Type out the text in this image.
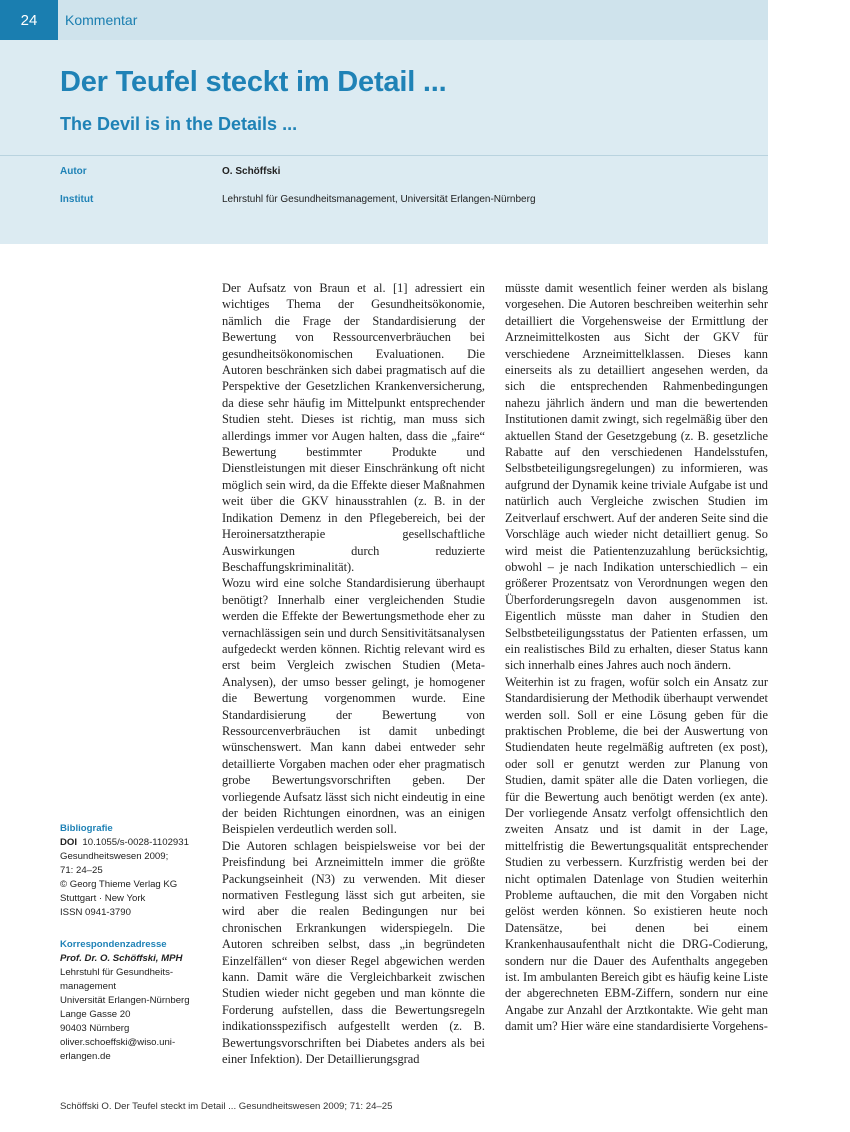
24	Kommentar
Der Teufel steckt im Detail ...
The Devil is in the Details ...
Autor	O. Schöffski
Institut	Lehrstuhl für Gesundheitsmanagement, Universität Erlangen-Nürnberg

Der Aufsatz von Braun et al. [1] adressiert ein wichtiges Thema der Gesundheitsökonomie, nämlich die Frage der Standardisierung der Bewertung von Ressourcenverbräuchen bei gesundheitsökonomischen Evaluationen. Die Autoren beschränken sich dabei pragmatisch auf die Perspektive der Gesetzlichen Krankenversicherung, da diese sehr häufig im Mittelpunkt entsprechender Studien steht. Dieses ist richtig, man muss sich allerdings immer vor Augen halten, dass die „faire“ Bewertung bestimmter Produkte und Dienstleistungen mit dieser Einschränkung oft nicht möglich sein wird, da die Effekte dieser Maßnahmen weit über die GKV hinausstrahlen (z. B. in der Indikation Demenz in den Pflegebereich, bei der Heroinersatztherapie gesellschaftliche Auswirkungen durch reduzierte Beschaffungskriminalität).

Wozu wird eine solche Standardisierung überhaupt benötigt? Innerhalb einer vergleichenden Studie werden die Effekte der Bewertungsmethode eher zu vernachlässigen sein und durch Sensitivitätsanalysen aufgedeckt werden können. Richtig relevant wird es erst beim Vergleich zwischen Studien (Meta-Analysen), der umso besser gelingt, je homogener die Bewertung vorgenommen wurde. Eine Standardisierung der Bewertung von Ressourcenverbräuchen ist damit unbedingt wünschenswert. Man kann dabei entweder sehr detaillierte Vorgaben machen oder eher pragmatisch grobe Bewertungsvorschriften geben. Der vorliegende Aufsatz lässt sich nicht eindeutig in eine der beiden Richtungen einordnen, was an einigen Beispielen verdeutlich werden soll.

Die Autoren schlagen beispielsweise vor bei der Preisfindung bei Arzneimitteln immer die größte Packungseinheit (N3) zu verwenden. Mit dieser normativen Festlegung lässt sich gut arbeiten, sie wird aber die realen Bedingungen nur bei chronischen Erkrankungen widerspiegeln. Die Autoren schreiben selbst, dass „in begründeten Einzelfällen“ von dieser Regel abgewichen werden kann. Damit wäre die Vergleichbarkeit zwischen Studien wieder nicht gegeben und man könnte die Forderung aufstellen, dass die Bewertungsregeln indikationsspezifisch aufgestellt werden (z. B. Bewertungsvorschriften bei Diabetes anders als bei einer Infektion). Der Detaillierungsgrad

müsste damit wesentlich feiner werden als bislang vorgesehen. Die Autoren beschreiben weiterhin sehr detailliert die Vorgehensweise der Ermittlung der Arzneimittelkosten aus Sicht der GKV für verschiedene Arzneimittelklassen. Dieses kann einerseits als zu detailliert angesehen werden, da sich die entsprechenden Rahmenbedingungen nahezu jährlich ändern und man die bewertenden Institutionen damit zwingt, sich regelmäßig über den aktuellen Stand der Gesetzgebung (z. B. gesetzliche Rabatte auf den verschiedenen Handelsstufen, Selbstbeteiligungsregelungen) zu informieren, was aufgrund der Dynamik keine triviale Aufgabe ist und natürlich auch Vergleiche zwischen Studien im Zeitverlauf erschwert. Auf der anderen Seite sind die Vorschläge auch wieder nicht detailliert genug. So wird meist die Patientenzuzahlung berücksichtig, obwohl – je nach Indikation unterschiedlich – ein größerer Prozentsatz von Verordnungen wegen den Überforderungsregeln davon ausgenommen ist. Eigentlich müsste man daher in Studien den Selbstbeteiligungsstatus der Patienten erfassen, um ein realistisches Bild zu erhalten, dieser Status kann sich innerhalb eines Jahres auch noch ändern.

Weiterhin ist zu fragen, wofür solch ein Ansatz zur Standardisierung der Methodik überhaupt verwendet werden soll. Soll er eine Lösung geben für die praktischen Probleme, die bei der Auswertung von Studiendaten heute regelmäßig auftreten (ex post), oder soll er genutzt werden zur Planung von Studien, damit später alle die Daten vorliegen, die für die Bewertung auch benötigt werden (ex ante). Der vorliegende Ansatz verfolgt offensichtlich den zweiten Ansatz und ist damit in der Lage, mittelfristig die Bewertungsqualität entsprechender Studien zu verbessern. Kurzfristig werden bei der nicht optimalen Datenlage von Studien weiterhin Probleme auftauchen, die mit den Vorgaben nicht gelöst werden können. So existieren heute noch Datensätze, bei denen bei einem Krankenhausaufenthalt nicht die DRG-Codierung, sondern nur die Dauer des Aufenthalts angegeben ist. Im ambulanten Bereich gibt es häufig keine Liste der abgerechneten EBM-Ziffern, sondern nur eine Angabe zur Anzahl der Arztkontakte. Wie geht man damit um? Hier wäre eine standardisierte Vorgehens-

Bibliografie
DOI 10.1055/s-0028-1102931
Gesundheitswesen 2009;
71: 24–25
© Georg Thieme Verlag KG
Stuttgart · New York
ISSN 0941-3790
Korrespondenzadresse
Prof. Dr. O. Schöffski, MPH
Lehrstuhl für Gesundheits-
management
Universität Erlangen-Nürnberg
Lange Gasse 20
90403 Nürnberg
oliver.schoeffski@wiso.uni-
erlangen.de
Schöffski O. Der Teufel steckt im Detail ... Gesundheitswesen 2009; 71: 24–25
